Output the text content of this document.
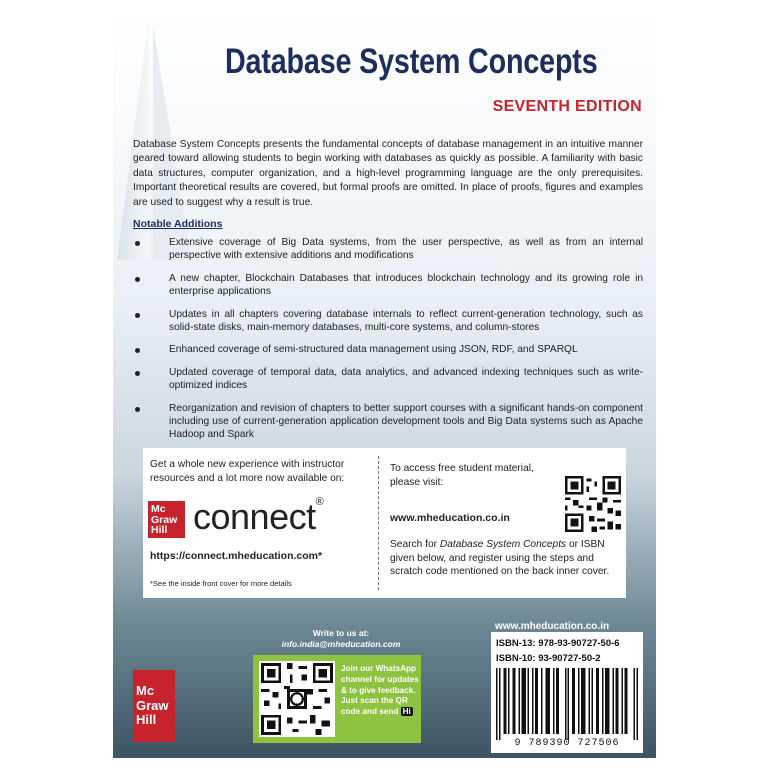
Database System Concepts
SEVENTH EDITION

Database System Concepts presents the fundamental concepts of database management in an intuitive manner geared toward allowing students to begin working with databases as quickly as possible. A familiarity with basic data structures, computer organization, and a high-level programming language are the only prerequisites. Important theoretical results are covered, but formal proofs are omitted. In place of proofs, figures and examples are used to suggest why a result is true.

Notable Additions
Extensive coverage of Big Data systems, from the user perspective, as well as from an internal perspective with extensive additions and modifications
A new chapter, Blockchain Databases that introduces blockchain technology and its growing role in enterprise applications
Updates in all chapters covering database internals to reflect current-generation technology, such as solid-state disks, main-memory databases, multi-core systems, and column-stores
Enhanced coverage of semi-structured data management using JSON, RDF, and SPARQL
Updated coverage of temporal data, data analytics, and advanced indexing techniques such as write-optimized indices
Reorganization and revision of chapters to better support courses with a significant hands-on component including use of current-generation application development tools and Big Data systems such as Apache Hadoop and Spark
Get a whole new experience with instructor resources and a lot more now available on:
Mc Graw Hill connect®
https://connect.mheducation.com*
*See the inside front cover for more details
To access free student material, please visit:
www.mheducation.co.in
Search for Database System Concepts or ISBN given below, and register using the steps and scratch code mentioned on the back inner cover.
Write to us at:
info.india@mheducation.com
Join our WhatsApp channel for updates & to give feedback. Just scan the QR code and send Hi
www.mheducation.co.in
ISBN-13: 978-93-90727-50-6
ISBN-10: 93-90727-50-2
9 789390 727506
Mc Graw Hill
